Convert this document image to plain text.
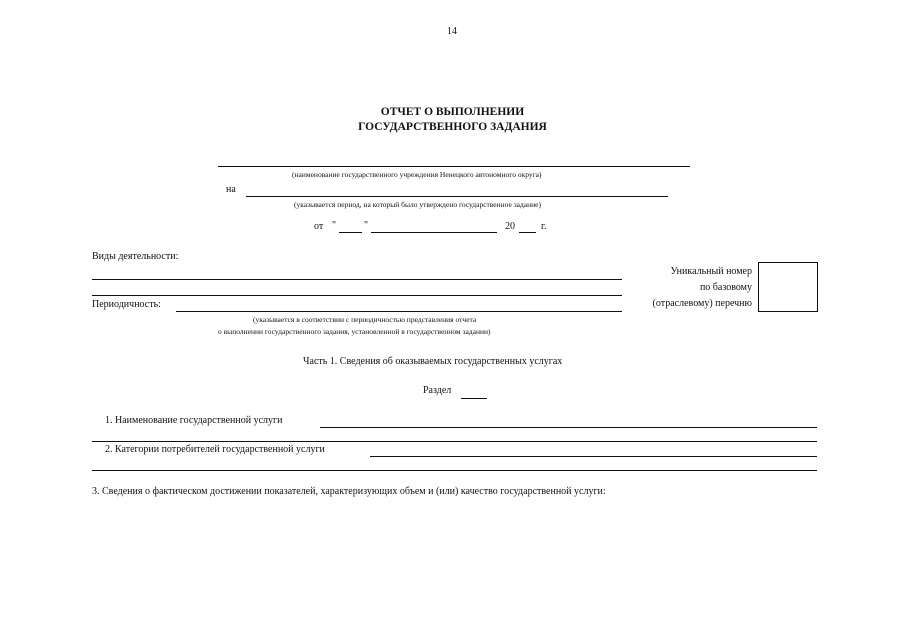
14
ОТЧЕТ О ВЫПОЛНЕНИИ
ГОСУДАРСТВЕННОГО ЗАДАНИЯ
(наименование государственного учреждения Ненецкого автономного округа)
на
(указывается период, на который было утверждено государственное задание)
от "	"	20	г.
Виды деятельности:
Уникальный номер
по базовому
(отраслевому) перечню
Периодичность:
(указывается в соответствии с периодичностью представления отчета
о выполнении государственного задания, установленной в государственном задании)
Часть 1. Сведения об оказываемых государственных услугах
Раздел
1. Наименование государственной услуги
2. Категории потребителей государственной услуги
3. Сведения о фактическом достижении показателей, характеризующих объем и (или) качество государственной услуги:
